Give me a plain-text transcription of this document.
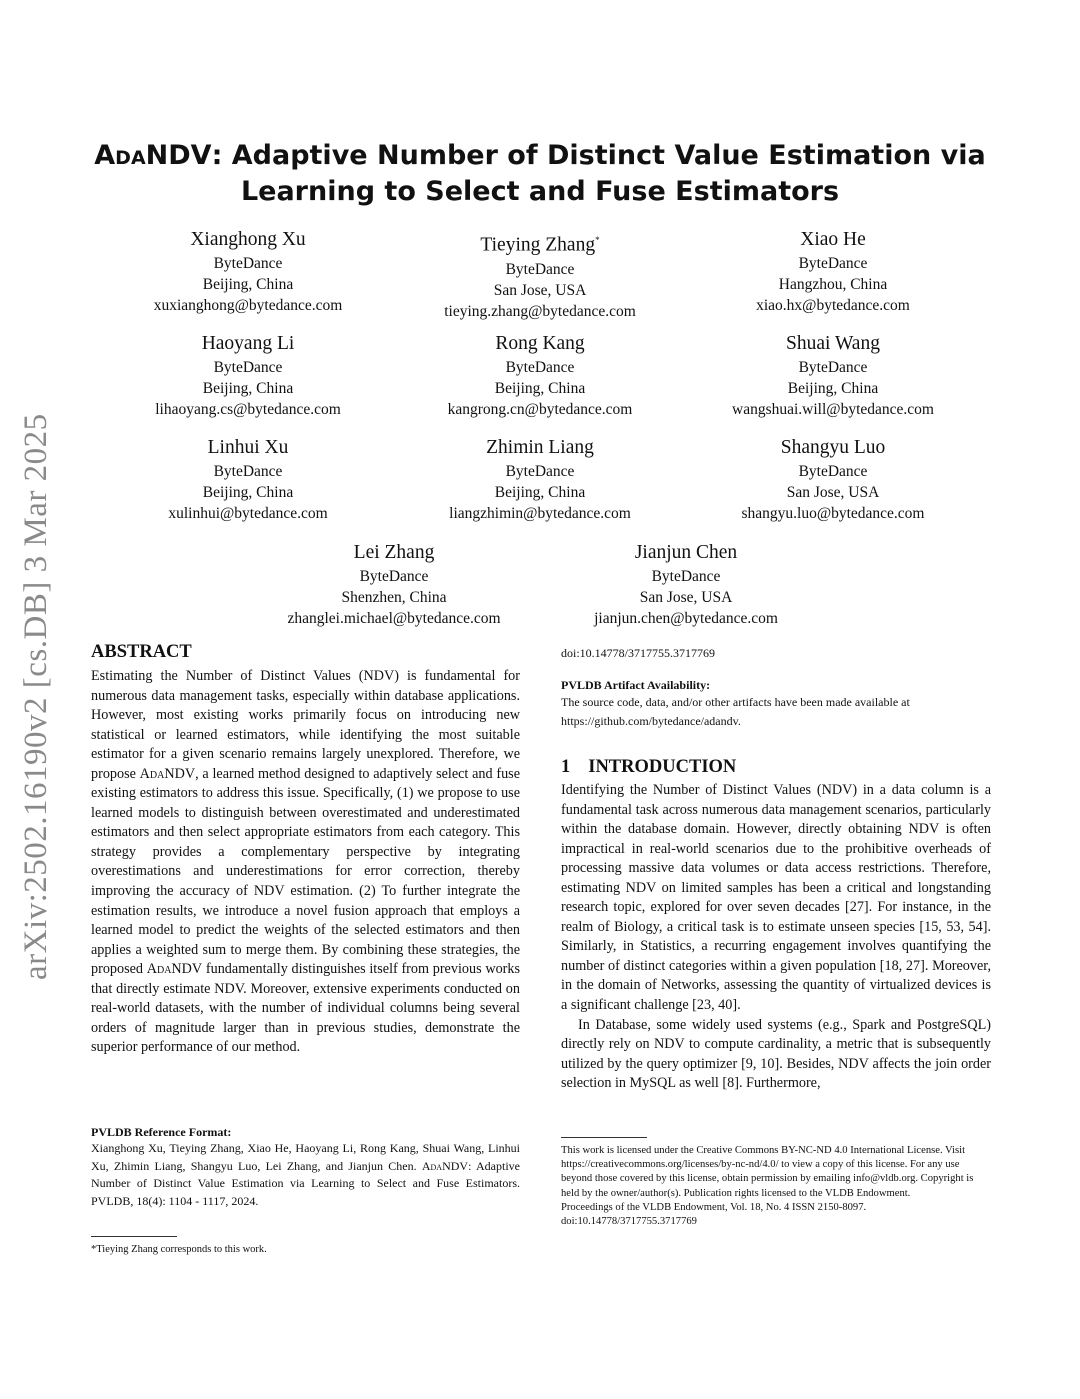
arXiv:2502.16190v2 [cs.DB] 3 Mar 2025
AdaNDV: Adaptive Number of Distinct Value Estimation via
Learning to Select and Fuse Estimators
Xianghong Xu
ByteDance
Beijing, China
xuxianghong@bytedance.com
Tieying Zhang*
ByteDance
San Jose, USA
tieying.zhang@bytedance.com
Xiao He
ByteDance
Hangzhou, China
xiao.hx@bytedance.com
Haoyang Li
ByteDance
Beijing, China
lihaoyang.cs@bytedance.com
Rong Kang
ByteDance
Beijing, China
kangrong.cn@bytedance.com
Shuai Wang
ByteDance
Beijing, China
wangshuai.will@bytedance.com
Linhui Xu
ByteDance
Beijing, China
xulinhui@bytedance.com
Zhimin Liang
ByteDance
Beijing, China
liangzhimin@bytedance.com
Shangyu Luo
ByteDance
San Jose, USA
shangyu.luo@bytedance.com
Lei Zhang
ByteDance
Shenzhen, China
zhanglei.michael@bytedance.com
Jianjun Chen
ByteDance
San Jose, USA
jianjun.chen@bytedance.com
ABSTRACT

Estimating the Number of Distinct Values (NDV) is fundamental for numerous data management tasks, especially within database applications. However, most existing works primarily focus on introducing new statistical or learned estimators, while identifying the most suitable estimator for a given scenario remains largely unexplored. Therefore, we propose AdaNDV, a learned method designed to adaptively select and fuse existing estimators to address this issue. Specifically, (1) we propose to use learned models to distinguish between overestimated and underestimated estimators and then select appropriate estimators from each category. This strategy provides a complementary perspective by integrating overestimations and underestimations for error correction, thereby improving the accuracy of NDV estimation. (2) To further integrate the estimation results, we introduce a novel fusion approach that employs a learned model to predict the weights of the selected estimators and then applies a weighted sum to merge them. By combining these strategies, the proposed AdaNDV fundamentally distinguishes itself from previous works that directly estimate NDV. Moreover, extensive experiments conducted on real-world datasets, with the number of individual columns being several orders of magnitude larger than in previous studies, demonstrate the superior performance of our method.

PVLDB Reference Format:
Xianghong Xu, Tieying Zhang, Xiao He, Haoyang Li, Rong Kang, Shuai Wang, Linhui Xu, Zhimin Liang, Shangyu Luo, Lei Zhang, and Jianjun Chen. AdaNDV: Adaptive Number of Distinct Value Estimation via Learning to Select and Fuse Estimators. PVLDB, 18(4): 1104 - 1117, 2024.
*Tieying Zhang corresponds to this work.
doi:10.14778/3717755.3717769
PVLDB Artifact Availability:
The source code, data, and/or other artifacts have been made available at https://github.com/bytedance/adandv.
1 INTRODUCTION

Identifying the Number of Distinct Values (NDV) in a data column is a fundamental task across numerous data management scenarios, particularly within the database domain. However, directly obtaining NDV is often impractical in real-world scenarios due to the prohibitive overheads of processing massive data volumes or data access restrictions. Therefore, estimating NDV on limited samples has been a critical and longstanding research topic, explored for over seven decades [27]. For instance, in the realm of Biology, a critical task is to estimate unseen species [15, 53, 54]. Similarly, in Statistics, a recurring engagement involves quantifying the number of distinct categories within a given population [18, 27]. Moreover, in the domain of Networks, assessing the quantity of virtualized devices is a significant challenge [23, 40].

In Database, some widely used systems (e.g., Spark and PostgreSQL) directly rely on NDV to compute cardinality, a metric that is subsequently utilized by the query optimizer [9, 10]. Besides, NDV affects the join order selection in MySQL as well [8]. Furthermore,

This work is licensed under the Creative Commons BY-NC-ND 4.0 International License. Visit https://creativecommons.org/licenses/by-nc-nd/4.0/ to view a copy of this license. For any use beyond those covered by this license, obtain permission by emailing info@vldb.org. Copyright is held by the owner/author(s). Publication rights licensed to the VLDB Endowment.
Proceedings of the VLDB Endowment, Vol. 18, No. 4 ISSN 2150-8097.
doi:10.14778/3717755.3717769
